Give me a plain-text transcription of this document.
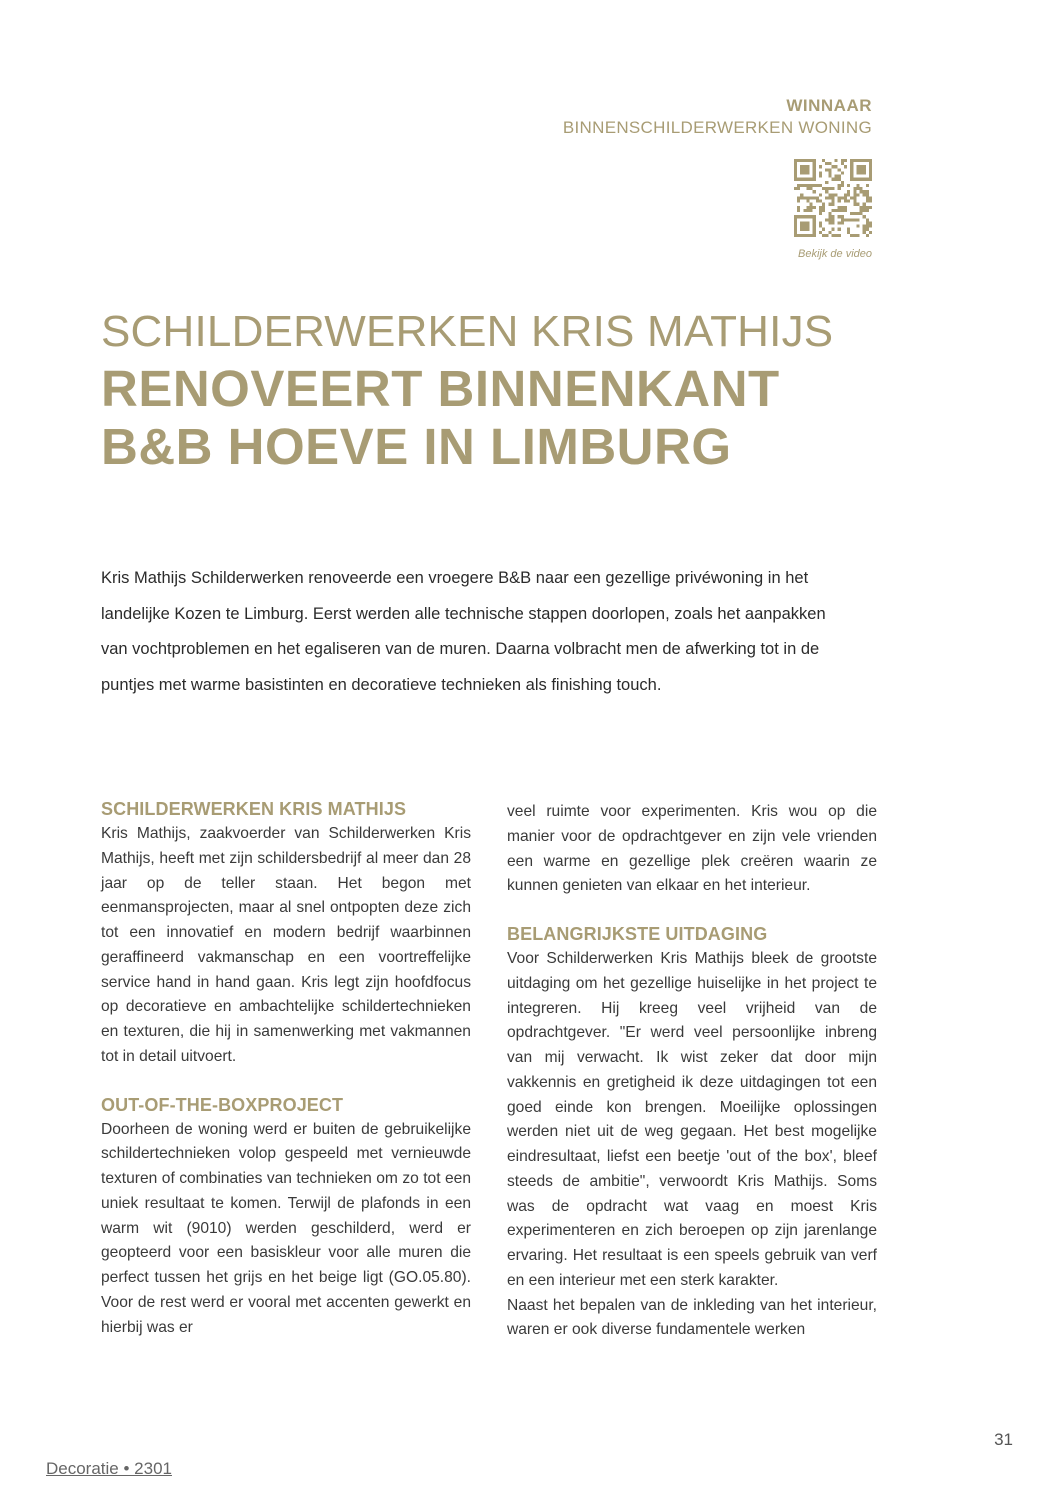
WINNAAR
BINNENSCHILDERWERKEN WONING
Bekijk de video
SCHILDERWERKEN KRIS MATHIJS
RENOVEERT BINNENKANT
B&B HOEVE IN LIMBURG
Kris Mathijs Schilderwerken renoveerde een vroegere B&B naar een gezellige privéwoning in het landelijke Kozen te Limburg. Eerst werden alle technische stappen doorlopen, zoals het aanpakken van vochtproblemen en het egaliseren van de muren. Daarna volbracht men de afwerking tot in de puntjes met warme basistinten en decoratieve technieken als finishing touch.
SCHILDERWERKEN KRIS MATHIJS

Kris Mathijs, zaakvoerder van Schilderwerken Kris Mathijs, heeft met zijn schildersbedrijf al meer dan 28 jaar op de teller staan. Het begon met eenmansprojecten, maar al snel ontpopten deze zich tot een innovatief en modern bedrijf waarbinnen geraffineerd vakmanschap en een voortreffelijke service hand in hand gaan. Kris legt zijn hoofdfocus op decoratieve en ambachtelijke schildertechnieken en texturen, die hij in samenwerking met vakmannen tot in detail uitvoert.

OUT-OF-THE-BOXPROJECT

Doorheen de woning werd er buiten de gebruikelijke schildertechnieken volop gespeeld met vernieuwde texturen of combinaties van technieken om zo tot een uniek resultaat te komen. Terwijl de plafonds in een warm wit (9010) werden geschilderd, werd er geopteerd voor een basiskleur voor alle muren die perfect tussen het grijs en het beige ligt (GO.05.80). Voor de rest werd er vooral met accenten gewerkt en hierbij was er

veel ruimte voor experimenten. Kris wou op die manier voor de opdrachtgever en zijn vele vrienden een warme en gezellige plek creëren waarin ze kunnen genieten van elkaar en het interieur.

BELANGRIJKSTE UITDAGING

Voor Schilderwerken Kris Mathijs bleek de grootste uitdaging om het gezellige huiselijke in het project te integreren. Hij kreeg veel vrijheid van de opdrachtgever. "Er werd veel persoonlijke inbreng van mij verwacht. Ik wist zeker dat door mijn vakkennis en gretigheid ik deze uitdagingen tot een goed einde kon brengen. Moeilijke oplossingen werden niet uit de weg gegaan. Het best mogelijke eindresultaat, liefst een beetje 'out of the box', bleef steeds de ambitie", verwoordt Kris Mathijs. Soms was de opdracht wat vaag en moest Kris experimenteren en zich beroepen op zijn jarenlange ervaring. Het resultaat is een speels gebruik van verf en een interieur met een sterk karakter.

Naast het bepalen van de inkleding van het interieur, waren er ook diverse fundamentele werken

Decoratie • 2301
31
